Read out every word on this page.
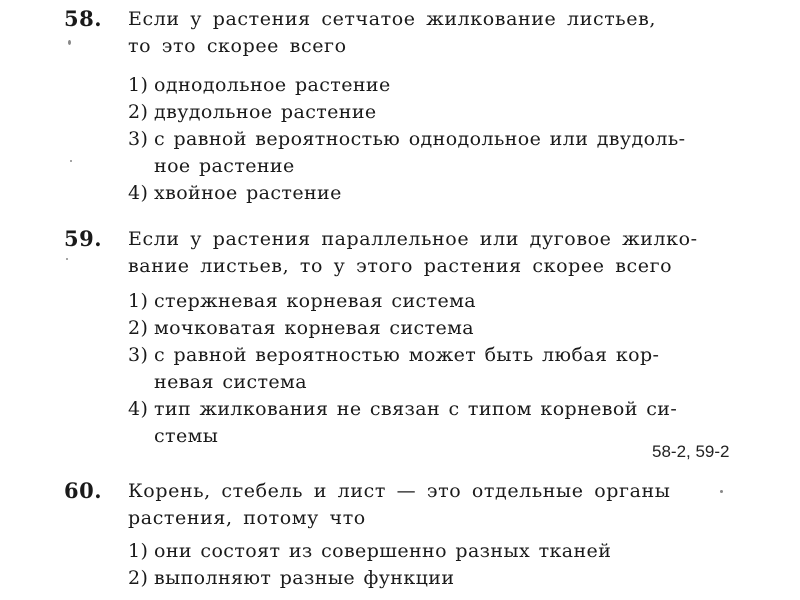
58. Если у растения сетчатое жилкование листьев,
то это скорее всего
1) однодольное растение
2) двудольное растение
3) с равной вероятностью однодольное или двудоль-
ное растение
4) хвойное растение
59. Если у растения параллельное или дуговое жилко-
вание листьев, то у этого растения скорее всего
1) стержневая корневая система
2) мочковатая корневая система
3) с равной вероятностью может быть любая кор-
невая система
4) тип жилкования не связан с типом корневой си-
стемы
58-2, 59-2
60. Корень, стебель и лист — это отдельные органы
растения, потому что
1) они состоят из совершенно разных тканей
2) выполняют разные функции
